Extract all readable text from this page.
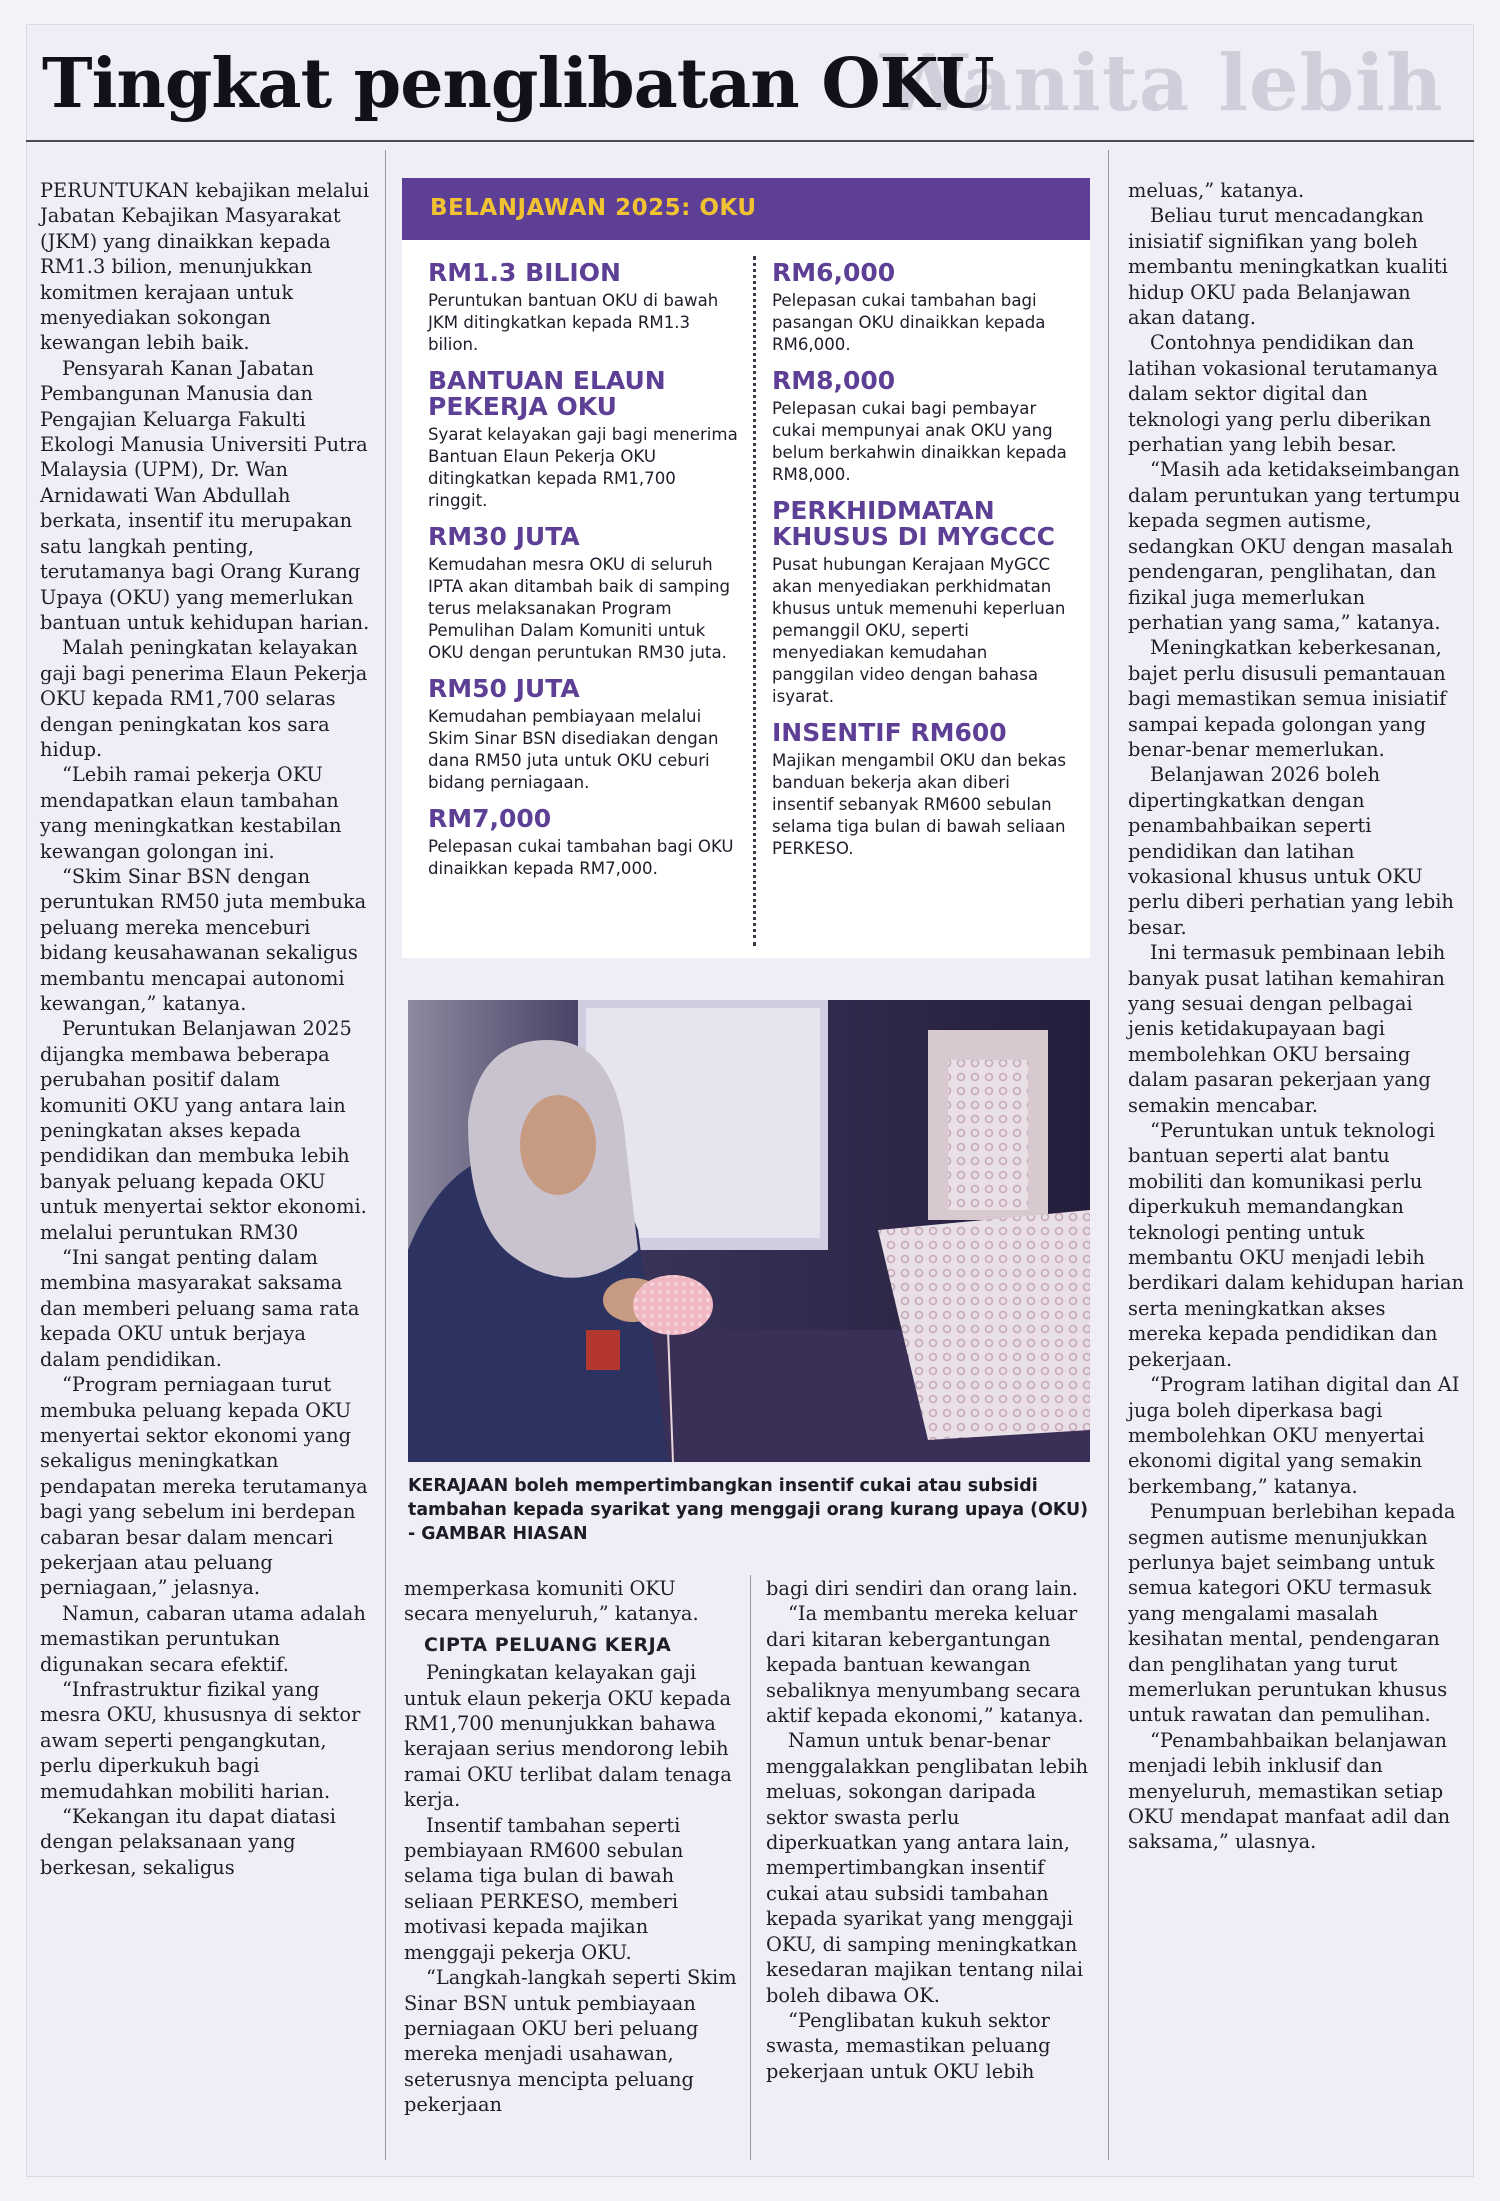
Wanita lebih
Tingkat penglibatan OKU

PERUNTUKAN kebajikan melalui Jabatan Kebajikan Masyarakat (JKM) yang dinaikkan kepada RM1.3 bilion, menunjukkan komitmen kerajaan untuk menyediakan sokongan kewangan lebih baik.

Pensyarah Kanan Jabatan Pembangunan Manusia dan Pengajian Keluarga Fakulti Ekologi Manusia Universiti Putra Malaysia (UPM), Dr. Wan Arnidawati Wan Abdullah berkata, insentif itu merupakan satu langkah penting, terutamanya bagi Orang Kurang Upaya (OKU) yang memerlukan bantuan untuk kehidupan harian.

Malah peningkatan kelayakan gaji bagi penerima Elaun Pekerja OKU kepada RM1,700 selaras dengan peningkatan kos sara hidup.

“Lebih ramai pekerja OKU mendapatkan elaun tambahan yang meningkatkan kestabilan kewangan golongan ini.

“Skim Sinar BSN dengan peruntukan RM50 juta membuka peluang mereka menceburi bidang keusahawanan sekaligus membantu mencapai autonomi kewangan,” katanya.

Peruntukan Belanjawan 2025 dijangka membawa beberapa perubahan positif dalam komuniti OKU yang antara lain peningkatan akses kepada pendidikan dan membuka lebih banyak peluang kepada OKU untuk menyertai sektor ekonomi. melalui peruntukan RM30

“Ini sangat penting dalam membina masyarakat saksama dan memberi peluang sama rata kepada OKU untuk berjaya dalam pendidikan.

“Program perniagaan turut membuka peluang kepada OKU menyertai sektor ekonomi yang sekaligus meningkatkan pendapatan mereka terutamanya bagi yang sebelum ini berdepan cabaran besar dalam mencari pekerjaan atau peluang perniagaan,” jelasnya.

Namun, cabaran utama adalah memastikan peruntukan digunakan secara efektif.

“Infrastruktur fizikal yang mesra OKU, khususnya di sektor awam seperti pengangkutan, perlu diperkukuh bagi memudahkan mobiliti harian.

“Kekangan itu dapat diatasi dengan pelaksanaan yang berkesan, sekaligus

memperkasa komuniti OKU secara menyeluruh,” katanya.

CIPTA PELUANG KERJA

Peningkatan kelayakan gaji untuk elaun pekerja OKU kepada RM1,700 menunjukkan bahawa kerajaan serius mendorong lebih ramai OKU terlibat dalam tenaga kerja.

Insentif tambahan seperti pembiayaan RM600 sebulan selama tiga bulan di bawah seliaan PERKESO, memberi motivasi kepada majikan menggaji pekerja OKU.

“Langkah-langkah seperti Skim Sinar BSN untuk pembiayaan perniagaan OKU beri peluang mereka menjadi usahawan, seterusnya mencipta peluang pekerjaan

bagi diri sendiri dan orang lain.

“Ia membantu mereka keluar dari kitaran kebergantungan kepada bantuan kewangan sebaliknya menyumbang secara aktif kepada ekonomi,” katanya.

Namun untuk benar-benar menggalakkan penglibatan lebih meluas, sokongan daripada sektor swasta perlu diperkuatkan yang antara lain, mempertimbangkan insentif cukai atau subsidi tambahan kepada syarikat yang menggaji OKU, di samping meningkatkan kesedaran majikan tentang nilai boleh dibawa OK.

“Penglibatan kukuh sektor swasta, memastikan peluang pekerjaan untuk OKU lebih

meluas,” katanya.

Beliau turut mencadangkan inisiatif signifikan yang boleh membantu meningkatkan kualiti hidup OKU pada Belanjawan akan datang.

Contohnya pendidikan dan latihan vokasional terutamanya dalam sektor digital dan teknologi yang perlu diberikan perhatian yang lebih besar.

“Masih ada ketidakseimbangan dalam peruntukan yang tertumpu kepada segmen autisme, sedangkan OKU dengan masalah pendengaran, penglihatan, dan fizikal juga memerlukan perhatian yang sama,” katanya.

Meningkatkan keberkesanan, bajet perlu disusuli pemantauan bagi memastikan semua inisiatif sampai kepada golongan yang benar-benar memerlukan.

Belanjawan 2026 boleh dipertingkatkan dengan penambahbaikan seperti pendidikan dan latihan vokasional khusus untuk OKU perlu diberi perhatian yang lebih besar.

Ini termasuk pembinaan lebih banyak pusat latihan kemahiran yang sesuai dengan pelbagai jenis ketidakupayaan bagi membolehkan OKU bersaing dalam pasaran pekerjaan yang semakin mencabar.

“Peruntukan untuk teknologi bantuan seperti alat bantu mobiliti dan komunikasi perlu diperkukuh memandangkan teknologi penting untuk membantu OKU menjadi lebih berdikari dalam kehidupan harian serta meningkatkan akses mereka kepada pendidikan dan pekerjaan.

“Program latihan digital dan AI juga boleh diperkasa bagi membolehkan OKU menyertai ekonomi digital yang semakin berkembang,” katanya.

Penumpuan berlebihan kepada segmen autisme menunjukkan perlunya bajet seimbang untuk semua kategori OKU termasuk yang mengalami masalah kesihatan mental, pendengaran dan penglihatan yang turut memerlukan peruntukan khusus untuk rawatan dan pemulihan.

“Penambahbaikan belanjawan menjadi lebih inklusif dan menyeluruh, memastikan setiap OKU mendapat manfaat adil dan saksama,” ulasnya.

BELANJAWAN 2025: OKU
RM1.3 BILION

Peruntukan bantuan OKU di bawah JKM ditingkatkan kepada RM1.3 bilion.

BANTUAN ELAUN PEKERJA OKU

Syarat kelayakan gaji bagi menerima Bantuan Elaun Pekerja OKU ditingkatkan kepada RM1,700 ringgit.

RM30 JUTA

Kemudahan mesra OKU di seluruh IPTA akan ditambah baik di samping terus melaksanakan Program Pemulihan Dalam Komuniti untuk OKU dengan peruntukan RM30 juta.

RM50 JUTA

Kemudahan pembiayaan melalui Skim Sinar BSN disediakan dengan dana RM50 juta untuk OKU ceburi bidang perniagaan.

RM7,000

Pelepasan cukai tambahan bagi OKU dinaikkan kepada RM7,000.

RM6,000

Pelepasan cukai tambahan bagi pasangan OKU dinaikkan kepada RM6,000.

RM8,000

Pelepasan cukai bagi pembayar cukai mempunyai anak OKU yang belum berkahwin dinaikkan kepada RM8,000.

PERKHIDMATAN KHUSUS DI MYGCCC

Pusat hubungan Kerajaan MyGCC akan menyediakan perkhidmatan khusus untuk memenuhi keperluan pemanggil OKU, seperti menyediakan kemudahan panggilan video dengan bahasa isyarat.

INSENTIF RM600

Majikan mengambil OKU dan bekas banduan bekerja akan diberi insentif sebanyak RM600 sebulan selama tiga bulan di bawah seliaan PERKESO.

KERAJAAN boleh mempertimbangkan insentif cukai atau subsidi tambahan kepada syarikat yang menggaji orang kurang upaya (OKU) - GAMBAR HIASAN
